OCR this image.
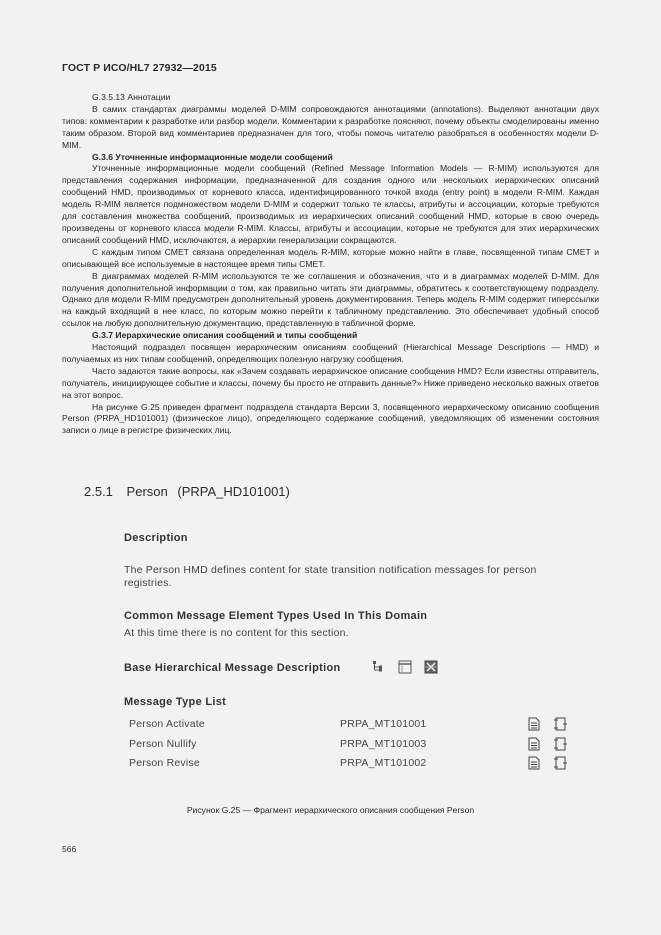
ГОСТ Р ИСО/HL7 27932—2015

G.3.5.13 Аннотации

В самих стандартах диаграммы моделей D-MIM сопровождаются аннотациями (annotations). Выделяют аннотации двух типов: комментарии к разработке или разбор модели. Комментарии к разработке поясняют, почему объекты смоделированы именно таким образом. Второй вид комментариев предназначен для того, чтобы помочь читателю разобраться в особенностях модели D-MIM.

G.3.6 Уточненные информационные модели сообщений

Уточненные информационные модели сообщений (Refined Message Information Models — R-MIM) используются для представления содержания информации, предназначенной для создания одного или нескольких иерархических описаний сообщений HMD, производимых от корневого класса, идентифицированного точкой входа (entry point) в модели R-MIM. Каждая модель R-MIM является подмножеством модели D-MIM и содержит только те классы, атрибуты и ассоциации, которые требуются для составления множества сообщений, производимых из иерархических описаний сообщений HMD, которые в свою очередь произведены от корневого класса модели R-MIM. Классы, атрибуты и ассоциации, которые не требуются для этих иерархических описаний сообщений HMD, исключаются, а иерархии генерализации сокращаются.

С каждым типом CMET связана определенная модель R-MIM, которые можно найти в главе, посвященной типам CMET и описывающей все используемые в настоящее время типы CMET.

В диаграммах моделей R-MIM используются те же соглашения и обозначения, что и в диаграммах моделей D-MIM. Для получения дополнительной информации о том, как правильно читать эти диаграммы, обратитесь к соответствующему подразделу. Однако для модели R-MIM предусмотрен дополнительный уровень документирования. Теперь модель R-MIM содержит гиперссылки на каждый входящий в нее класс, по которым можно перейти к табличному представлению. Это обеспечивает удобный способ ссылок на любую дополнительную документацию, представленную в табличной форме.

G.3.7 Иерархические описания сообщений и типы сообщений

Настоящий подраздел посвящен иерархическим описаниям сообщений (Hierarchical Message Descriptions — HMD) и получаемых из них типам сообщений, определяющих полезную нагрузку сообщения.

Часто задаются такие вопросы, как «Зачем создавать иерархичское описание сообщения HMD? Если известны отправитель, получатель, инициирующее событие и классы, почему бы просто не отправить данные?» Ниже приведено несколько важных ответов на этот вопрос.

На рисунке G.25 приведен фрагмент подраздела стандарта Версии 3, посвященного иерархическому описанию сообщения Person (PRPA_HD101001) (физическое лицо), определяющего содержание сообщений, уведомляющих об изменении состояния записи о лице в регистре физических лиц.

2.5.1 Person (PRPA_HD101001)
Description
The Person HMD defines content for state transition notification messages for person registries.
Common Message Element Types Used In This Domain
At this time there is no content for this section.
Base Hierarchical Message Description
Message Type List
Person Activate	PRPA_MT101001
Person Nullify	PRPA_MT101003
Person Revise	PRPA_MT101002
Рисунок G.25 — Фрагмент иерархического описания сообщения Person
566
